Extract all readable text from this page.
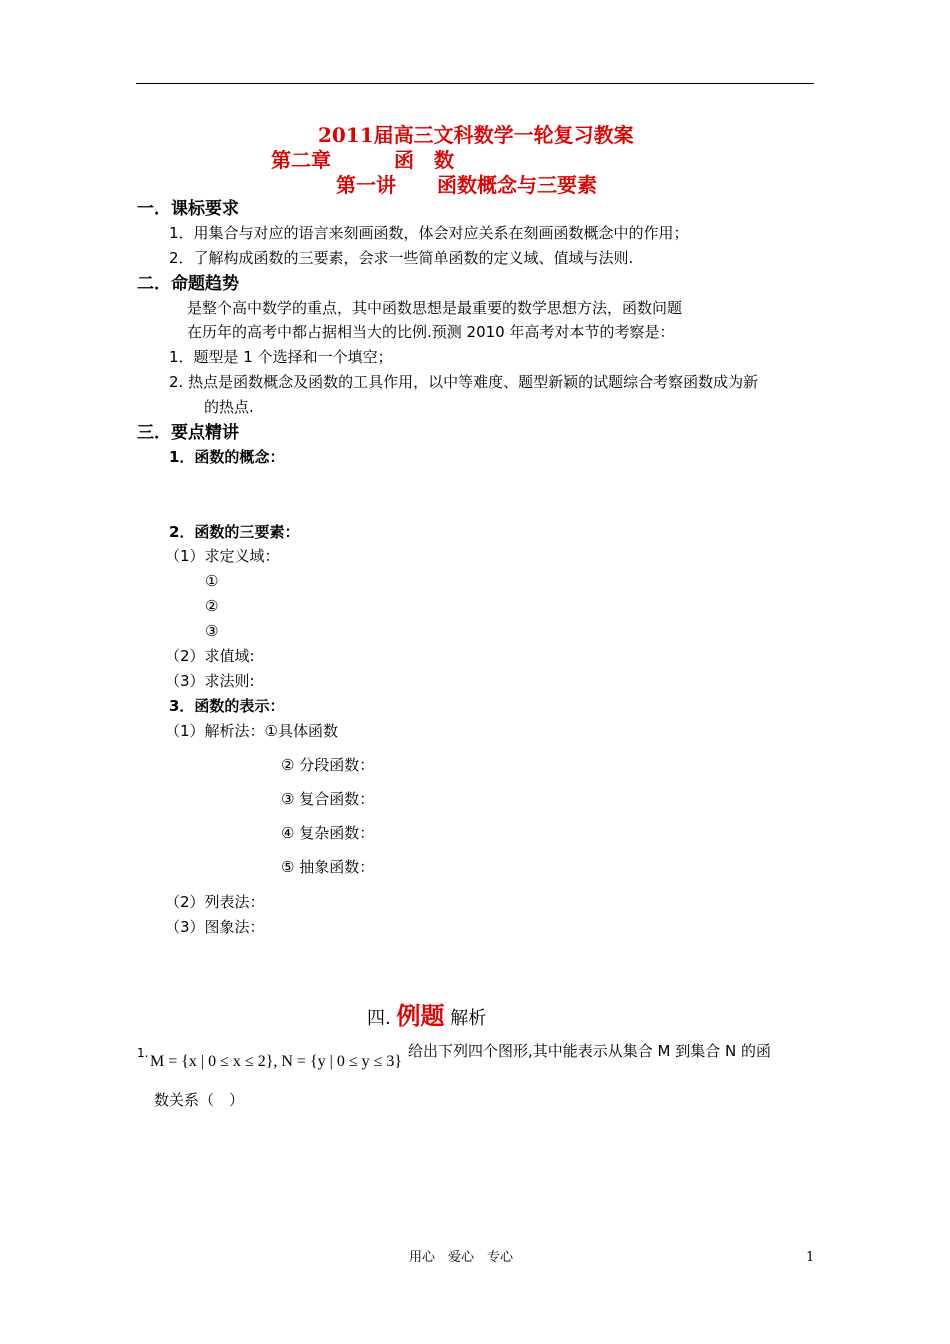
2011届高三文科数学一轮复习教案
第二章	函　数
第一讲 函数概念与三要素
一．课标要求
1．用集合与对应的语言来刻画函数，体会对应关系在刻画函数概念中的作用；
2．了解构成函数的三要素，会求一些简单函数的定义域、值域与法则.
二．命题趋势
是整个高中数学的重点，其中函数思想是最重要的数学思想方法，函数问题
在历年的高考中都占据相当大的比例.预测 2010 年高考对本节的考察是：
1．题型是 1 个选择和一个填空；
2. 热点是函数概念及函数的工具作用，以中等难度、题型新颖的试题综合考察函数成为新
的热点.
三．要点精讲
1．函数的概念：
2．函数的三要素：
（1）求定义域：
①
②
③
（2）求值域:
（3）求法则:
3．函数的表示：
（1）解析法：①具体函数
② 分段函数：
③ 复合函数：
④ 复杂函数：
⑤ 抽象函数：
（2）列表法：
（3）图象法：
四. 例题 解析
1. M = {x | 0 ≤ x ≤ 2}, N = {y | 0 ≤ y ≤ 3}
给出下列四个图形,其中能表示从集合 M 到集合 N 的函
数关系（　）
用心　爱心　专心	1
